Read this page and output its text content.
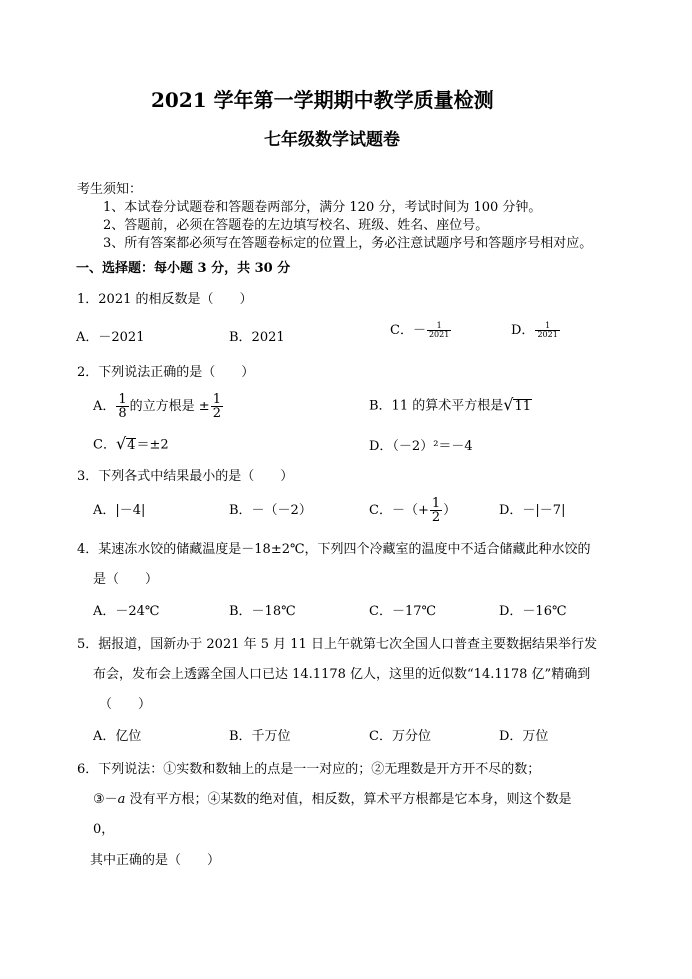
2021 学年第一学期期中教学质量检测
七年级数学试题卷
考生须知：
1、本试卷分试题卷和答题卷两部分，满分 120 分，考试时间为 100 分钟。
2、答题前，必须在答题卷的左边填写校名、班级、姓名、座位号。
3、所有答案都必须写在答题卷标定的位置上，务必注意试题序号和答题序号相对应。
一、选择题：每小题 3 分，共 30 分
1．2021 的相反数是（　　）
A．－2021	B．2021	C．－ $\frac{1}{2021}$	D． $\frac{1}{2021}$
2．下列说法正确的是（　　）
A． $\frac{1}{8}$ 的立方根是 ± $\frac{1}{2}$	B．11 的算术平方根是√11
C．√4＝±2	D．（－2）²＝－4
3．下列各式中结果最小的是（　　）
A．|－4|	B．－（－2）	C．－（+ $\frac{1}{2}$ ）	D．－|－7|
4．某速冻水饺的储藏温度是－18±2℃，下列四个冷藏室的温度中不适合储藏此种水饺的
是（　　）
A．－24℃	B．－18℃	C．－17℃	D．－16℃
5．据报道，国新办于 2021 年 5 月 11 日上午就第七次全国人口普查主要数据结果举行发
布会，发布会上透露全国人口已达 14.1178 亿人，这里的近似数“14.1178 亿”精确到
（　　）
A．亿位	B．千万位	C．万分位	D．万位
6．下列说法：①实数和数轴上的点是一一对应的；②无理数是开方开不尽的数；
③－a 没有平方根；④某数的绝对值，相反数，算术平方根都是它本身，则这个数是
0，
其中正确的是（　　）
